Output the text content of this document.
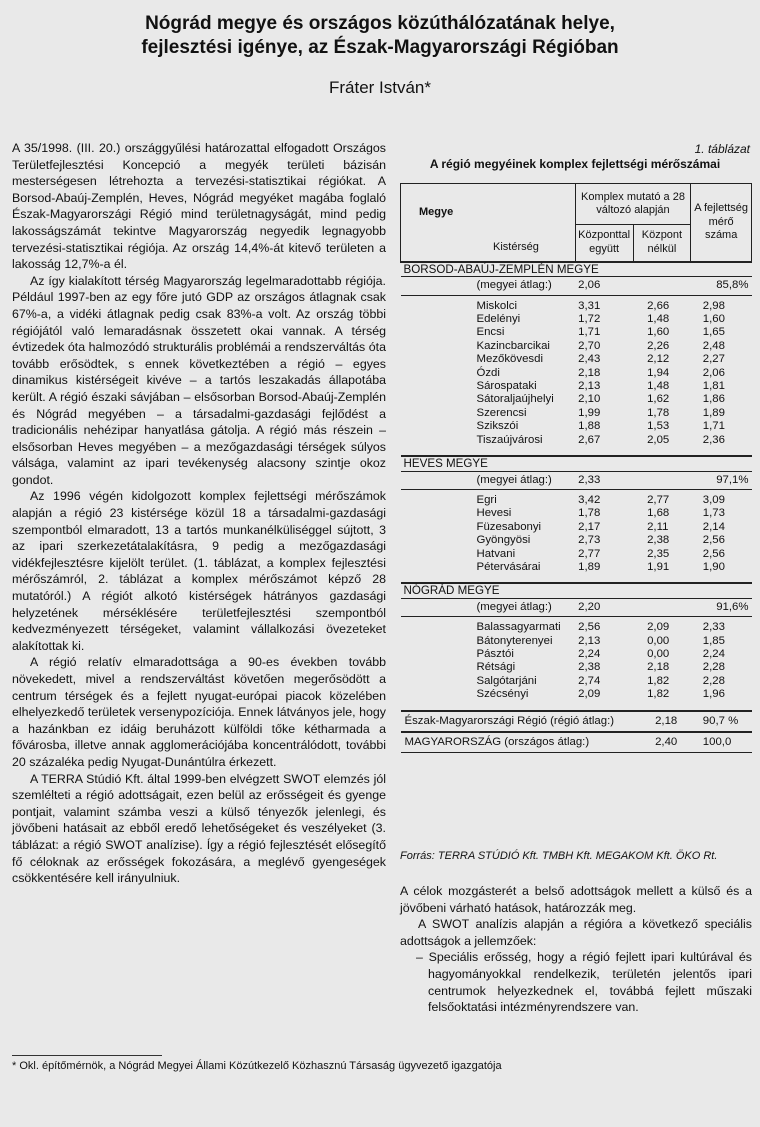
Nógrád megye és országos közúthálózatának helye,
fejlesztési igénye, az Észak-Magyarországi Régióban
Fráter István*

A 35/1998. (III. 20.) országgyűlési határozattal elfogadott Országos Területfejlesztési Koncepció a megyék területi bázisán mesterségesen létrehozta a tervezési-statisztikai régiókat. A Borsod-Abaúj-Zemplén, Heves, Nógrád megyéket magába foglaló Észak-Magyarországi Régió mind területnagyságát, mind pedig lakosságszámát tekintve Magyarország negyedik legnagyobb tervezési-statisztikai régiója. Az ország 14,4%-át kitevő területen a lakosság 12,7%-a él.

Az így kialakított térség Magyarország legelmaradottabb régiója. Például 1997-ben az egy főre jutó GDP az országos átlagnak csak 67%-a, a vidéki átlagnak pedig csak 83%-a volt. Az ország többi régiójától való lemaradásnak összetett okai vannak. A térség évtizedek óta halmozódó strukturális problémái a rendszerváltás óta tovább erősödtek, s ennek következtében a régió – egyes dinamikus kistérségeit kivéve – a tartós leszakadás állapotába került. A régió északi sávjában – elsősorban Borsod-Abaúj-Zemplén és Nógrád megyében – a társadalmi-gazdasági fejlődést a tradicionális nehézipar hanyatlása gátolja. A régió más részein – elsősorban Heves megyében – a mezőgazdasági térségek súlyos válsága, valamint az ipari tevékenység alacsony szintje okoz gondot.

Az 1996 végén kidolgozott komplex fejlettségi mérőszámok alapján a régió 23 kistérsége közül 18 a társadalmi-gazdasági szempontból elmaradott, 13 a tartós munkanélküliséggel sújtott, 3 az ipari szerkezetátalakításra, 9 pedig a mezőgazdasági vidékfejlesztésre kijelölt terület. (1. táblázat, a komplex fejlesztési mérőszámról, 2. táblázat a komplex mérőszámot képző 28 mutatóról.) A régiót alkotó kistérségek hátrányos gazdasági helyzetének mérséklésére területfejlesztési szempontból kedvezményezett térségeket, valamint vállalkozási övezeteket alakítottak ki.

A régió relatív elmaradottsága a 90-es években tovább növekedett, mivel a rendszerváltást követően megerősödött a centrum térségek és a fejlett nyugat-európai piacok közelében elhelyezkedő területek versenypozíciója. Ennek látványos jele, hogy a hazánkban ez idáig beruházott külföldi tőke kétharmada a fővárosba, illetve annak agglomerációjába koncentrálódott, további 20 százaléka pedig Nyugat-Dunántúlra érkezett.

A TERRA Stúdió Kft. által 1999-ben elvégzett SWOT elemzés jól szemlélteti a régió adottságait, ezen belül az erősségeit és gyenge pontjait, valamint számba veszi a külső tényezők jelenlegi, és jövőbeni hatásait az ebből eredő lehetőségeket és veszélyeket (3. táblázat: a régió SWOT analízise). Így a régió fejlesztését elősegítő fő céloknak az erősségek fokozására, a meglévő gyengeségek csökkentésére kell irányulniuk.

1. táblázat
A régió megyéinek komplex fejlettségi mérőszámai
Megye
Kistérség	Komplex mutató a 28 változó alapján		A fejlettség mérő száma
	Központtal együtt	Központ nélkül	
BORSOD-ABAÚJ-ZEMPLÉN MEGYE			
(megyei átlag:)	2,06		85,8%
Miskolci	3,31	2,66	2,98
Edelényi	1,72	1,48	1,60
Encsi	1,71	1,60	1,65
Kazincbarcikai	2,70	2,26	2,48
Mezőkövesdi	2,43	2,12	2,27
Ózdi	2,18	1,94	2,06
Sárospataki	2,13	1,48	1,81
Sátoraljaújhelyi	2,10	1,62	1,86
Szerencsi	1,99	1,78	1,89
Szikszói	1,88	1,53	1,71
Tiszaújvárosi	2,67	2,05	2,36
HEVES MEGYE			
(megyei átlag:)	2,33		97,1%
Egri	3,42	2,77	3,09
Hevesi	1,78	1,68	1,73
Füzesabonyi	2,17	2,11	2,14
Gyöngyösi	2,73	2,38	2,56
Hatvani	2,77	2,35	2,56
Pétervásárai	1,89	1,91	1,90
NÓGRÁD MEGYE			
(megyei átlag:)	2,20		91,6%
Balassagyarmati	2,56	2,09	2,33
Bátonyterenyei	2,13	0,00	1,85
Pásztói	2,24	0,00	2,24
Rétsági	2,38	2,18	2,28
Salgótarjáni	2,74	1,82	2,28
Szécsényi	2,09	1,82	1,96
Észak-Magyarországi Régió (régió átlag:)		2,18	90,7 %
MAGYARORSZÁG (országos átlag:)		2,40	100,0
Forrás: TERRA STÚDIÓ Kft. TMBH Kft. MEGAKOM Kft. ÖKO Rt.

A célok mozgásterét a belső adottságok mellett a külső és a jövőbeni várható hatások, határozzák meg.

A SWOT analízis alapján a régióra a következő speciális adottságok a jellemzőek:

– Speciális erősség, hogy a régió fejlett ipari kultúrával és hagyományokkal rendelkezik, területén jelentős ipari centrumok helyezkednek el, továbbá fejlett műszaki felsőoktatási intézményrendszere van.
* Okl. építőmérnök, a Nógrád Megyei Állami Közútkezelő Közhasznú Társaság ügyvezető igazgatója
